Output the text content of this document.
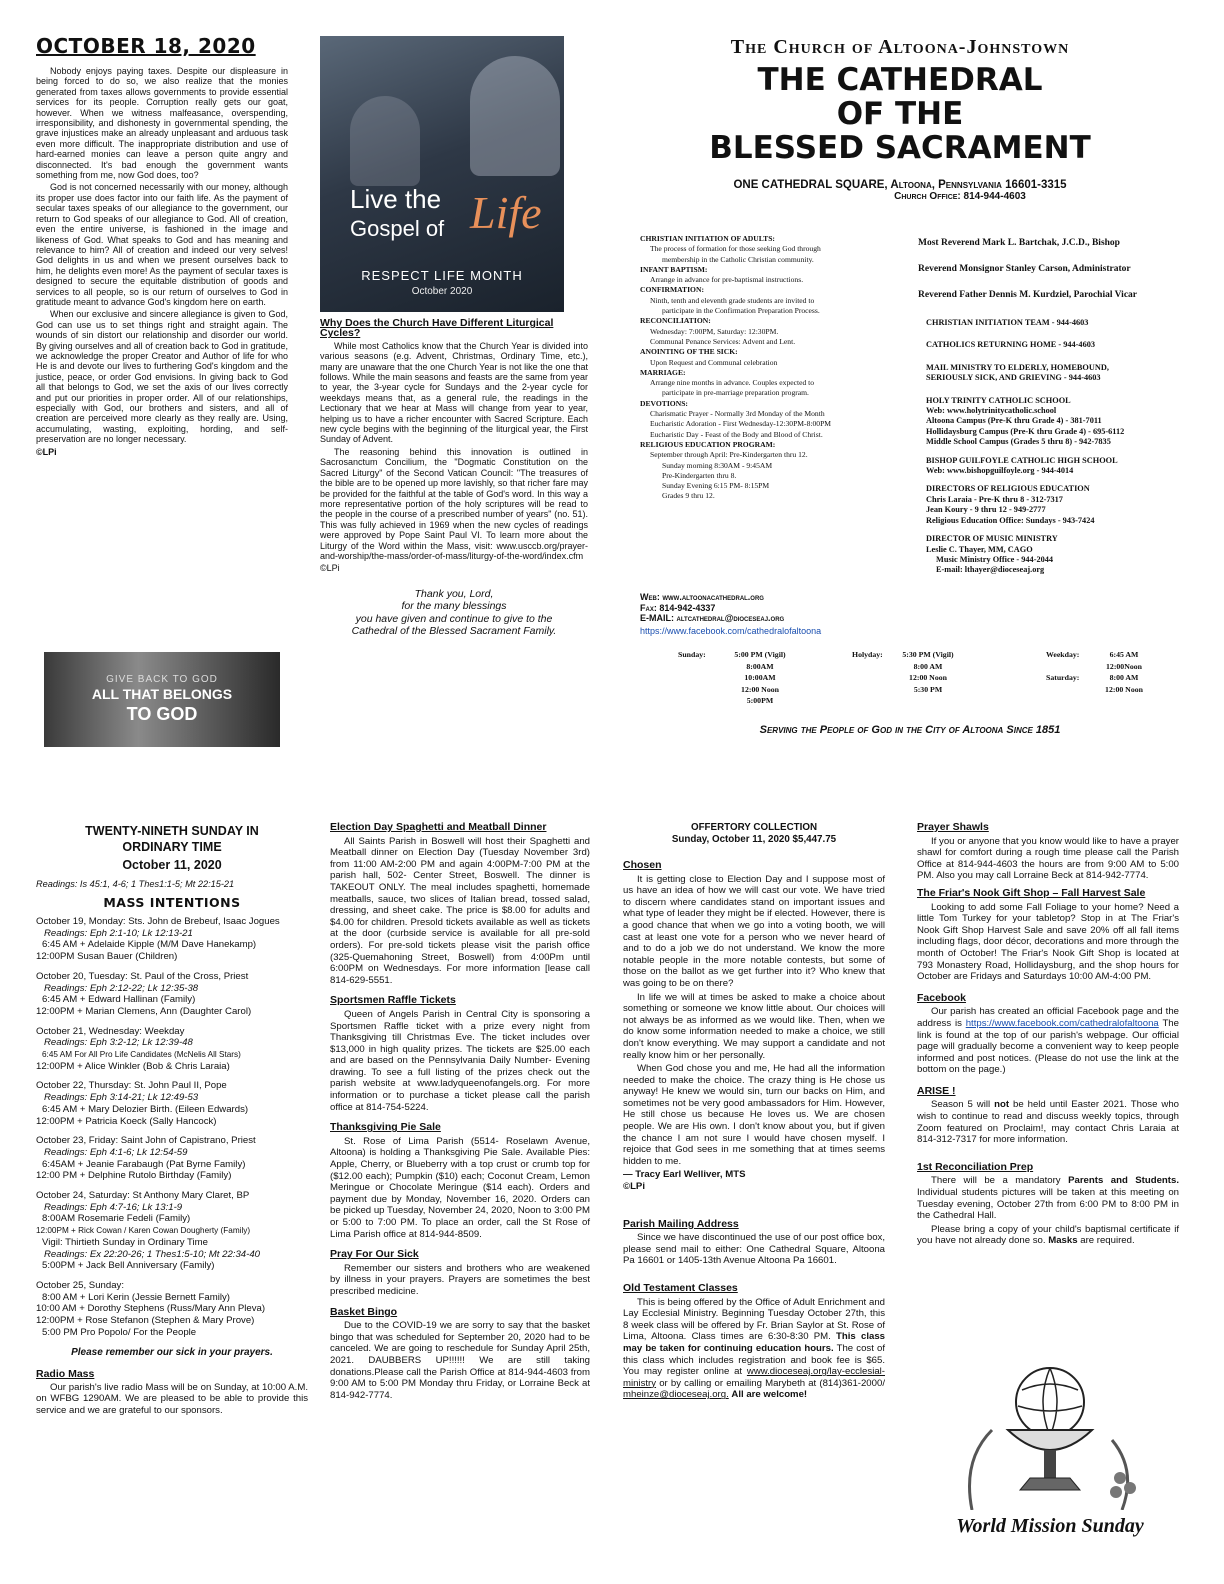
OCTOBER 18, 2020

Nobody enjoys paying taxes. Despite our displeasure in being forced to do so, we also realize that the monies generated from taxes allows governments to provide essential services for its people. Corruption really gets our goat, however. When we witness malfeasance, overspending, irresponsibility, and dishonesty in governmental spending, the grave injustices make an already unpleasant and arduous task even more difficult. The inappropriate distribution and use of hard-earned monies can leave a person quite angry and disconnected. It's bad enough the government wants something from me, now God does, too?

God is not concerned necessarily with our money, although its proper use does factor into our faith life. As the payment of secular taxes speaks of our allegiance to the government, our return to God speaks of our allegiance to God. All of creation, even the entire universe, is fashioned in the image and likeness of God. What speaks to God and has meaning and relevance to him? All of creation and indeed our very selves! God delights in us and when we present ourselves back to him, he delights even more! As the payment of secular taxes is designed to secure the equitable distribution of goods and services to all people, so is our return of ourselves to God in gratitude meant to advance God's kingdom here on earth.

When our exclusive and sincere allegiance is given to God, God can use us to set things right and straight again. The wounds of sin distort our relationship and disorder our world. By giving ourselves and all of creation back to God in gratitude, we acknowledge the proper Creator and Author of life for who He is and devote our lives to furthering God's kingdom and the justice, peace, or order God envisions. In giving back to God all that belongs to God, we set the axis of our lives correctly and put our priorities in proper order. All of our relationships, especially with God, our brothers and sisters, and all of creation are perceived more clearly as they really are. Using, accumulating, wasting, exploiting, hording, and self-preservation are no longer necessary.

©LPi
GIVE BACK TO GOD
ALL THAT BELONGS
TO GOD
Live the
Gospel of Life
RESPECT LIFE MONTH
October 2020
Why Does the Church Have Different Liturgical Cycles?

While most Catholics know that the Church Year is divided into various seasons (e.g. Advent, Christmas, Ordinary Time, etc.), many are unaware that the one Church Year is not like the one that follows. While the main seasons and feasts are the same from year to year, the 3-year cycle for Sundays and the 2-year cycle for weekdays means that, as a general rule, the readings in the Lectionary that we hear at Mass will change from year to year, helping us to have a richer encounter with Sacred Scripture. Each new cycle begins with the beginning of the liturgical year, the First Sunday of Advent.

The reasoning behind this innovation is outlined in Sacrosanctum Concilium, the "Dogmatic Constitution on the Sacred Liturgy" of the Second Vatican Council: "The treasures of the bible are to be opened up more lavishly, so that richer fare may be provided for the faithful at the table of God's word. In this way a more representative portion of the holy scriptures will be read to the people in the course of a prescribed number of years" (no. 51). This was fully achieved in 1969 when the new cycles of readings were approved by Pope Saint Paul VI. To learn more about the Liturgy of the Word within the Mass, visit: www.usccb.org/prayer-and-worship/the-mass/order-of-mass/liturgy-of-the-word/index.cfm

©LPi
Thank you, Lord,
for the many blessings
you have given and continue to give to the
Cathedral of the Blessed Sacrament Family.
The Church of Altoona-Johnstown
THE CATHEDRAL
OF THE
BLESSED SACRAMENT
ONE CATHEDRAL SQUARE, Altoona, Pennsylvania 16601-3315
Church Office: 814-944-4603
CHRISTIAN INITIATION OF ADULTS:
The process of formation for those seeking God through
membership in the Catholic Christian community.
INFANT BAPTISM:
Arrange in advance for pre-baptismal instructions.
CONFIRMATION:
Ninth, tenth and eleventh grade students are invited to
participate in the Confirmation Preparation Process.
RECONCILIATION:
Wednesday: 7:00PM, Saturday: 12:30PM.
Communal Penance Services: Advent and Lent.
ANOINTING OF THE SICK:
Upon Request and Communal celebration
MARRIAGE:
Arrange nine months in advance. Couples expected to
participate in pre-marriage preparation program.
DEVOTIONS:
Charismatic Prayer - Normally 3rd Monday of the Month
Eucharistic Adoration - First Wednesday-12:30PM-8:00PM
Eucharistic Day - Feast of the Body and Blood of Christ.
RELIGIOUS EDUCATION PROGRAM:
September through April: Pre-Kindergarten thru 12.
Sunday morning 8:30AM - 9:45AM
Pre-Kindergarten thru 8.
Sunday Evening 6:15 PM- 8:15PM
Grades 9 thru 12.
Web: www.altoonacathedral.org
Fax: 814-942-4337
E-MAIL: altcathedral@dioceseaj.org
https://www.facebook.com/cathedralofaltoona
Most Reverend Mark L. Bartchak, J.C.D., Bishop
Reverend Monsignor Stanley Carson, Administrator
Reverend Father Dennis M. Kurdziel, Parochial Vicar
CHRISTIAN INITIATION TEAM - 944-4603
CATHOLICS RETURNING HOME - 944-4603
MAIL MINISTRY TO ELDERLY, HOMEBOUND,
SERIOUSLY SICK, AND GRIEVING - 944-4603
HOLY TRINITY CATHOLIC SCHOOL
Web: www.holytrinitycatholic.school
Altoona Campus (Pre-K thru Grade 4) - 381-7011
Hollidaysburg Campus (Pre-K thru Grade 4) - 695-6112
Middle School Campus (Grades 5 thru 8) - 942-7835
BISHOP GUILFOYLE CATHOLIC HIGH SCHOOL
Web: www.bishopguilfoyle.org - 944-4014
DIRECTORS OF RELIGIOUS EDUCATION
Chris Laraia - Pre-K thru 8 - 312-7317
Jean Koury - 9 thru 12 - 949-2777
Religious Education Office: Sundays - 943-7424
DIRECTOR OF MUSIC MINISTRY
Leslie C. Thayer, MM, CAGO
Music Ministry Office - 944-2044
E-mail: lthayer@dioceseaj.org
Sunday:	5:00 PM (Vigil)
8:00AM
10:00AM
12:00 Noon
5:00PM
Holyday:	5:30 PM (Vigil)
8:00 AM
12:00 Noon
5:30 PM
Weekday:	6:45 AM
12:00Noon
Saturday:	8:00 AM
12:00 Noon
Serving the People of God in the City of Altoona Since 1851
TWENTY-NINETH SUNDAY IN
ORDINARY TIME
October 11, 2020
Readings: Is 45:1, 4-6; 1 Thes1:1-5; Mt 22:15-21
MASS INTENTIONS
October 19, Monday: Sts. John de Brebeuf, Isaac Jogues
Readings: Eph 2:1-10; Lk 12:13-21
6:45 AM + Adelaide Kipple (M/M Dave Hanekamp)
12:00PM Susan Bauer (Children)
October 20, Tuesday: St. Paul of the Cross, Priest
Readings: Eph 2:12-22; Lk 12:35-38
6:45 AM + Edward Hallinan (Family)
12:00PM + Marian Clemens, Ann (Daughter Carol)
October 21, Wednesday: Weekday
Readings: Eph 3:2-12; Lk 12:39-48
6:45 AM For All Pro Life Candidates (McNelis All Stars)
12:00PM + Alice Winkler (Bob & Chris Laraia)
October 22, Thursday: St. John Paul II, Pope
Readings: Eph 3:14-21; Lk 12:49-53
6:45 AM + Mary Delozier Birth. (Eileen Edwards)
12:00PM + Patricia Koeck (Sally Hancock)
October 23, Friday: Saint John of Capistrano, Priest
Readings: Eph 4:1-6; Lk 12:54-59
6:45AM + Jeanie Farabaugh (Pat Byrne Family)
12:00 PM + Delphine Rutolo Birthday (Family)
October 24, Saturday: St Anthony Mary Claret, BP
Readings: Eph 4:7-16; Lk 13:1-9
8:00AM Rosemarie Fedeli (Family)
12:00PM + Rick Cowan / Karen Cowan Dougherty (Family)
Vigil: Thirtieth Sunday in Ordinary Time
Readings: Ex 22:20-26; 1 Thes1:5-10; Mt 22:34-40
5:00PM + Jack Bell Anniversary (Family)
October 25, Sunday:
8:00 AM + Lori Kerin (Jessie Bernett Family)
10:00 AM + Dorothy Stephens (Russ/Mary Ann Pleva)
12:00PM + Rose Stefanon (Stephen & Mary Prove)
5:00 PM Pro Popolo/ For the People
Please remember our sick in your prayers.
Radio Mass

Our parish's live radio Mass will be on Sunday, at 10:00 A.M. on WFBG 1290AM. We are pleased to be able to provide this service and we are grateful to our sponsors.

Election Day Spaghetti and Meatball Dinner

All Saints Parish in Boswell will host their Spaghetti and Meatball dinner on Election Day (Tuesday November 3rd) from 11:00 AM-2:00 PM and again 4:00PM-7:00 PM at the parish hall, 502- Center Street, Boswell. The dinner is TAKEOUT ONLY. The meal includes spaghetti, homemade meatballs, sauce, two slices of Italian bread, tossed salad, dressing, and sheet cake. The price is $8.00 for adults and $4.00 for children. Presold tickets available as well as tickets at the door (curbside service is available for all pre-sold orders). For pre-sold tickets please visit the parish office (325-Quemahoning Street, Boswell) from 4:00Pm until 6:00PM on Wednesdays. For more information [lease call 814-629-5551.

Sportsmen Raffle Tickets

Queen of Angels Parish in Central City is sponsoring a Sportsmen Raffle ticket with a prize every night from Thanksgiving till Christmas Eve. The ticket includes over $13,000 in high quality prizes. The tickets are $25.00 each and are based on the Pennsylvania Daily Number- Evening drawing. To see a full listing of the prizes check out the parish website at www.ladyqueenofangels.org. For more information or to purchase a ticket please call the parish office at 814-754-5224.

Thanksgiving Pie Sale

St. Rose of Lima Parish (5514- Roselawn Avenue, Altoona) is holding a Thanksgiving Pie Sale. Available Pies: Apple, Cherry, or Blueberry with a top crust or crumb top for ($12.00 each); Pumpkin ($10) each; Coconut Cream, Lemon Meringue or Chocolate Meringue ($14 each). Orders and payment due by Monday, November 16, 2020. Orders can be picked up Tuesday, November 24, 2020, Noon to 3:00 PM or 5:00 to 7:00 PM. To place an order, call the St Rose of Lima Parish office at 814-944-8509.

Pray For Our Sick

Remember our sisters and brothers who are weakened by illness in your prayers. Prayers are sometimes the best prescribed medicine.

Basket Bingo

Due to the COVID-19 we are sorry to say that the basket bingo that was scheduled for September 20, 2020 had to be canceled. We are going to reschedule for Sunday April 25th, 2021. DAUBBERS UP!!!!!! We are still taking donations.Please call the Parish Office at 814-944-4603 from 9:00 AM to 5:00 PM Monday thru Friday, or Lorraine Beck at 814-942-7774.

OFFERTORY COLLECTION
Sunday, October 11, 2020 $5,447.75
Chosen

It is getting close to Election Day and I suppose most of us have an idea of how we will cast our vote. We have tried to discern where candidates stand on important issues and what type of leader they might be if elected. However, there is a good chance that when we go into a voting booth, we will cast at least one vote for a person who we never heard of and to do a job we do not understand. We know the more notable people in the more notable contests, but some of those on the ballot as we get further into it? Who knew that was going to be on there?

In life we will at times be asked to make a choice about something or someone we know little about. Our choices will not always be as informed as we would like. Then, when we do know some information needed to make a choice, we still don't know everything. We may support a candidate and not really know him or her personally.

When God chose you and me, He had all the information needed to make the choice. The crazy thing is He chose us anyway! He knew we would sin, turn our backs on Him, and sometimes not be very good ambassadors for Him. However, He still chose us because He loves us. We are chosen people. We are His own. I don't know about you, but if given the chance I am not sure I would have chosen myself. I rejoice that God sees in me something that at times seems hidden to me.

— Tracy Earl Welliver, MTS
©LPi
Parish Mailing Address

Since we have discontinued the use of our post office box, please send mail to either: One Cathedral Square, Altoona Pa 16601 or 1405-13th Avenue Altoona Pa 16601.

Old Testament Classes

This is being offered by the Office of Adult Enrichment and Lay Ecclesial Ministry. Beginning Tuesday October 27th, this 8 week class will be offered by Fr. Brian Saylor at St. Rose of Lima, Altoona. Class times are 6:30-8:30 PM. This class may be taken for continuing education hours. The cost of this class which includes registration and book fee is $65. You may register online at www.dioceseaj.org/lay-ecclesial-ministry or by calling or emailing Marybeth at (814)361-2000/ mheinze@dioceseaj.org. All are welcome!

Prayer Shawls

If you or anyone that you know would like to have a prayer shawl for comfort during a rough time please call the Parish Office at 814-944-4603 the hours are from 9:00 AM to 5:00 PM. Also you may call Lorraine Beck at 814-942-7774.

The Friar's Nook Gift Shop – Fall Harvest Sale

Looking to add some Fall Foliage to your home? Need a little Tom Turkey for your tabletop? Stop in at The Friar's Nook Gift Shop Harvest Sale and save 20% off all fall items including flags, door décor, decorations and more through the month of October! The Friar's Nook Gift Shop is located at 793 Monastery Road, Hollidaysburg, and the shop hours for October are Fridays and Saturdays 10:00 AM-4:00 PM.

Facebook

Our parish has created an official Facebook page and the address is https://www.facebook.com/cathedralofaltoona The link is found at the top of our parish's webpage. Our official page will gradually become a convenient way to keep people informed and post notices. (Please do not use the link at the bottom on the page.)

ARISE !

Season 5 will not be held until Easter 2021. Those who wish to continue to read and discuss weekly topics, through Zoom featured on Proclaim!, may contact Chris Laraia at 814-312-7317 for more information.

1st Reconciliation Prep

There will be a mandatory Parents and Students. Individual students pictures will be taken at this meeting on Tuesday evening, October 27th from 6:00 PM to 8:00 PM in the Cathedral Hall.

Please bring a copy of your child's baptismal certificate if you have not already done so. Masks are required.

World Mission Sunday
